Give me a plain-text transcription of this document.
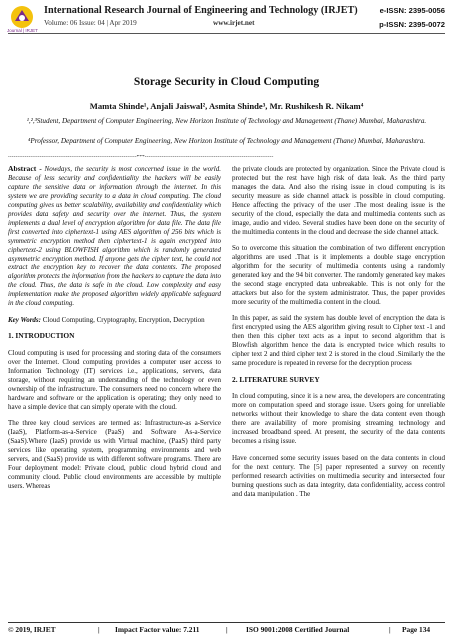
Journal | IRJET
International Research Journal of Engineering and Technology (IRJET)
Volume: 06 Issue: 04 | Apr 2019	www.irjet.net
e-ISSN: 2395-0056
p-ISSN: 2395-0072
Storage Security in Cloud Computing
Mamta Shinde¹, Anjali Jaiswal², Asmita Shinde³, Mr. Rushikesh R. Nikam⁴
¹,²,³Student, Department of Computer Engineering, New Horizon Institute of Technology and Management (Thane) Mumbai, Maharashtra.
⁴Professor, Department of Computer Engineering, New Horizon Institute of Technology and Management (Thane) Mumbai, Maharashtra.
---------------------------------------------------------------------***---------------------------------------------------------------------

Abstract - Nowdays, the security is most concerned issue in the world. Because of less security and confidentiality the hackers will be easily capture the sensitive data or information through the internet. In this system we are providing security to a data in cloud computing. The cloud computing gives us better scalability, availability and confidentiality which provides data safety and security over the internet. Thus, the system implements a dual level of encryption algorithm for data file. The data file first converted into ciphertext-1 using AES algorithm of 256 bits which is symmetric encryption method then ciphertext-1 is again encrypted into ciphertext-2 using BLOWFISH algorithm which is randomly generated asymmetric encryption method. If anyone gets the cipher text, he could not extract the encryption key to recover the data contents. The proposed algorithm protects the information from the hackers to capture the data into the cloud. Thus, the data is safe in the cloud. Low complexity and easy implementation make the proposed algorithm widely applicable safeguard in the cloud computing.

Key Words: Cloud Computing, Cryptography, Encryption, Decryption

1. INTRODUCTION

Cloud computing is used for processing and storing data of the consumers over the Internet. Cloud computing provides a computer user access to Information Technology (IT) services i.e., applications, servers, data storage, without requiring an understanding of the technology or even ownership of the infrastructure. The consumers need no concern where the hardware and software or the application is operating; they only need to have a simple device that can simply operate with the cloud.

The three key cloud services are termed as: Infrastructure-as a-Service (IaaS), Platform-as-a-Service (PaaS) and Software As-a-Service (SaaS).Where (IaaS) provide us with Virtual machine, (PaaS) third party services like operating system, programming environments and web servers, and (SaaS) provide us with different software programs. There are Four deployment model: Private cloud, public cloud hybrid cloud and community cloud. Public cloud environments are accessible by multiple users. Whereas

the private clouds are protected by organization. Since the Private cloud is protected but the rest have high risk of data leak. As the third party manages the data. And also the rising issue in cloud computing is its security measure as side channel attack is possible in cloud computing. Hence affecting the privacy of the user .The most dealing issue is the security of the cloud, especially the data and multimedia contents such as image, audio and video. Several studies have been done on the security of the multimedia contents in the cloud and decrease the side channel attack.

So to overcome this situation the combination of two different encryption algorithms are used .That is it implements a double stage encryption algorithm for the security of multimedia contents using a randomly generated key and the 94 bit converter. The randomly generated key makes the second stage encrypted data unbreakable. This is not only for the attackers but also for the system administrator. Thus, the paper provides more security of the multimedia content in the cloud.

In this paper, as said the system has double level of encryption the data is first encrypted using the AES algorithm giving result to Cipher text -1 and then then this cipher text acts as a input to second algorithm that is Blowfish algorithm hence the data is encrypted twice which results to cipher text 2 and third cipher text 2 is stored in the cloud .Similarly the the same procedure is repeated in reverse for the decryption process

2. LITERATURE SURVEY

In cloud computing, since it is a new area, the developers are concentrating more on computation speed and storage issue. Users going for unreliable networks without their knowledge to share the data content even though there are availability of more promising streaming technology and increased broadband speed. At present, the security of the data contents becomes a rising issue.

Have concerned some security issues based on the data contents in cloud for the next century. The [5] paper represented a survey on recently performed research activities on multimedia security and intersected four burning questions such as data integrity, data confidentiality, access control and data manipulation . The

© 2019, IRJET	| Impact Factor value: 7.211	| ISO 9001:2008 Certified Journal	| Page 134
